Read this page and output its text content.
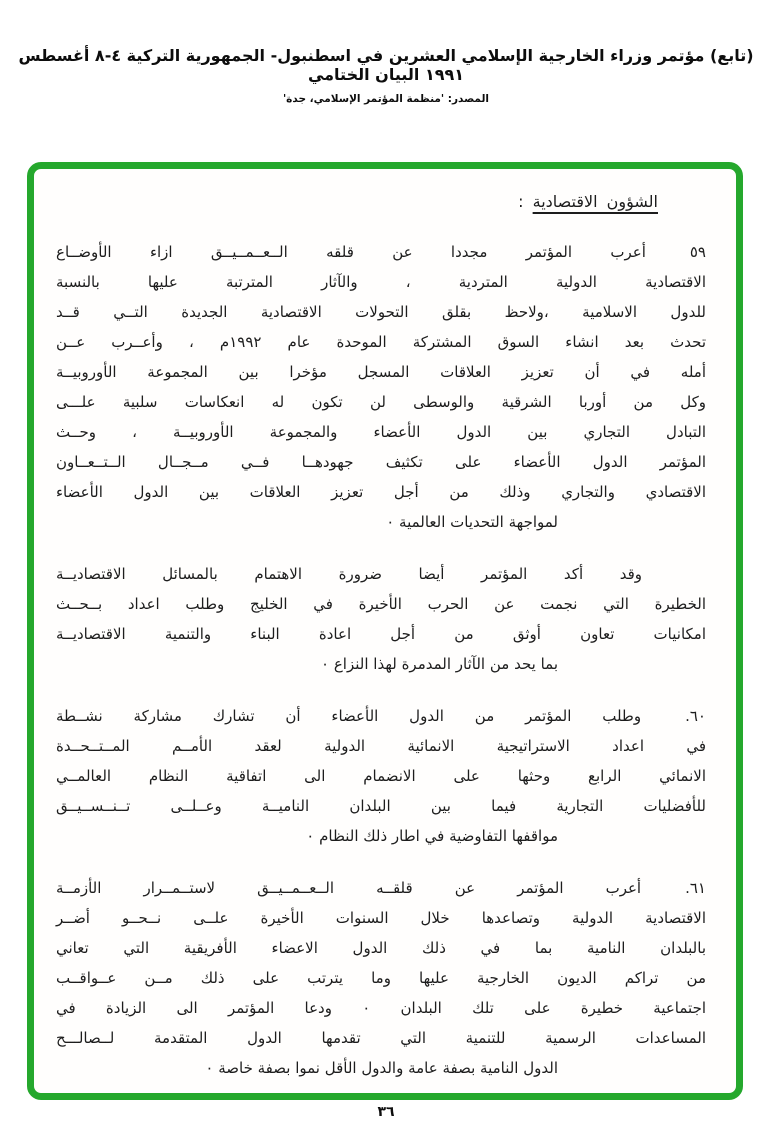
(تابع) مؤتمر وزراء الخارجية الإسلامي العشرين في اسطنبول- الجمهورية التركية ٤-٨ أغسطس ١٩٩١ البيان الختامي
المصدر: 'منظمة المؤتمر الإسلامي، جدة'
الشؤون الاقتصادية :
٥٩
أعرب المؤتمر مجددا عن قلقه الــعــمــيــق ازاء الأوضــاع
الاقتصادية الدولية المتردية ، والآثار المترتبة عليها بالنسبة
للدول الاسلامية ،ولاحظ بقلق التحولات الاقتصادية الجديدة التــي قــد
تحدث بعد انشاء السوق المشتركة الموحدة عام ١٩٩٢م ، وأعــرب عــن
أمله في أن تعزيز العلاقات المسجل مؤخرا بين المجموعة الأوروبيــة
وكل من أوربا الشرقية والوسطى لن تكون له انعكاسات سلبية علـــى
التبادل التجاري بين الدول الأعضاء والمجموعة الأوروبيــة ، وحــث
المؤتمر الدول الأعضاء على تكثيف جهودهــا فــي مــجــال الــتــعــاون
الاقتصادي والتجاري وذلك من أجل تعزيز العلاقات بين الدول الأعضاء
لمواجهة التحديات العالمية ٠
وقد أكد المؤتمر أيضا ضرورة الاهتمام بالمسائل الاقتصاديــة
الخطيرة التي نجمت عن الحرب الأخيرة في الخليج وطلب اعداد بــحــث
امكانيات تعاون أوثق من أجل اعادة البناء والتنمية الاقتصاديــة
بما يحد من الآثار المدمرة لهذا النزاع ٠
٦٠.
وطلب المؤتمر من الدول الأعضاء أن تشارك مشاركة نشــطة
في اعداد الاستراتيجية الانمائية الدولية لعقد الأمــم المــتــحــدة
الانمائي الرابع وحثها على الانضمام الى اتفاقية النظام العالمــي
للأفضليات التجارية فيما بين البلدان الناميــة وعــلــى تــنــســيــق
مواقفها التفاوضية في اطار ذلك النظام ٠
٦١.
أعرب المؤتمر عن قلقــه الــعــمــيــق لاستــمــرار الأزمــة
الاقتصادية الدولية وتصاعدها خلال السنوات الأخيرة علــى نــحــو أضــر
بالبلدان النامية بما في ذلك الدول الاعضاء الأفريقية التي تعاني
من تراكم الديون الخارجية عليها وما يترتب على ذلك مــن عــواقــب
اجتماعية خطيرة على تلك البلدان ٠ ودعا المؤتمر الى الزيادة في
المساعدات الرسمية للتنمية التي تقدمها الدول المتقدمة لــصالـــح
الدول النامية بصفة عامة والدول الأقل نموا بصفة خاصة ٠
٣٦
